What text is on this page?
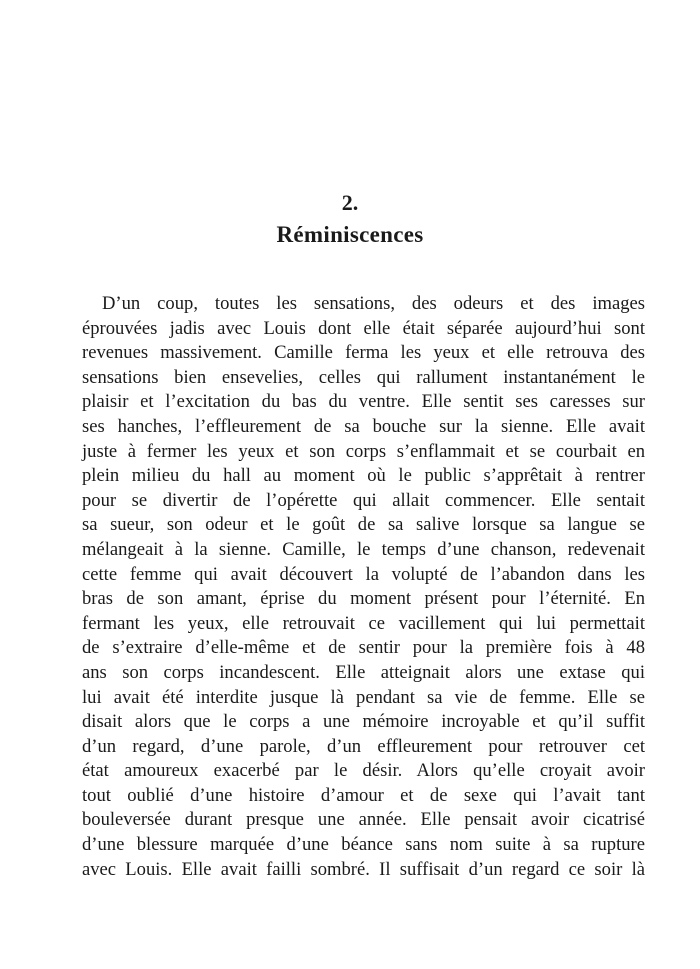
2.
Réminiscences
D’un coup, toutes les sensations, des odeurs et des images
éprouvées jadis avec Louis dont elle était séparée aujourd’hui sont
revenues massivement. Camille ferma les yeux et elle retrouva des
sensations bien ensevelies, celles qui rallument instantanément le
plaisir et l’excitation du bas du ventre. Elle sentit ses caresses sur
ses hanches, l’effleurement de sa bouche sur la sienne. Elle avait
juste à fermer les yeux et son corps s’enflammait et se courbait en
plein milieu du hall au moment où le public s’apprêtait à rentrer
pour se divertir de l’opérette qui allait commencer. Elle sentait
sa sueur, son odeur et le goût de sa salive lorsque sa langue se
mélangeait à la sienne. Camille, le temps d’une chanson, redevenait
cette femme qui avait découvert la volupté de l’abandon dans les
bras de son amant, éprise du moment présent pour l’éternité. En
fermant les yeux, elle retrouvait ce vacillement qui lui permettait
de s’extraire d’elle-même et de sentir pour la première fois à 48
ans son corps incandescent. Elle atteignait alors une extase qui
lui avait été interdite jusque là pendant sa vie de femme. Elle se
disait alors que le corps a une mémoire incroyable et qu’il suffit
d’un regard, d’une parole, d’un effleurement pour retrouver cet
état amoureux exacerbé par le désir. Alors qu’elle croyait avoir
tout oublié d’une histoire d’amour et de sexe qui l’avait tant
bouleversée durant presque une année. Elle pensait avoir cicatrisé
d’une blessure marquée d’une béance sans nom suite à sa rupture
avec Louis. Elle avait failli sombré. Il suffisait d’un regard ce soir là
